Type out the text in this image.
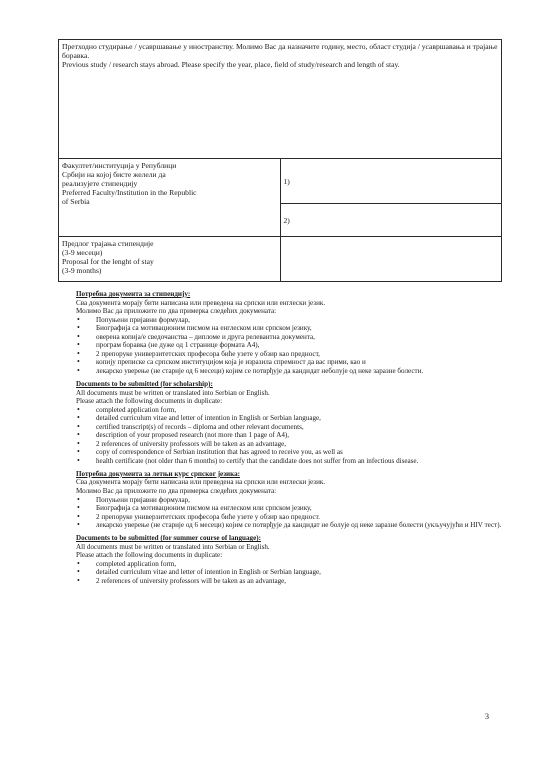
Претходно студирање / усавршавање у иностранству. Молимо Вас да назначите годину, место, област студија / усавршавања и трајање боравка.
Previous study / research stays abroad. Please specify the year, place, field of study/research and length of stay.	

Факултет/институција у Републици
Србији на којој бисте желели да
реализујете стипендију
Preferred Faculty/Institution in the Republic
of Serbia	1)
	2)

Предлог трајања стипендије
(3-9 месеци)
Proposal for the lenght of stay
(3-9 months)	

Потребна документа за стипендију:
Сва документа морају бити написана или преведена на српски или енглески језик.
Молимо Вас да приложите по два примерка следећих докумената:
• Попуњени пријавни формулар,
• Биографија са мотивационим писмом на енглеском или српском језику,
• оверена копија/е сведочанства – дипломе и друга релевантна документа,
• програм боравка (не дуже од 1 странице формата А4),
• 2 препоруке универзитетских професора биће узете у обзир као предност,
• копију преписке са српском институцијом која је изразила спремност да вас прими, као и
• лекарско уверење (не старије од 6 месеци) којим се потврђује да кандидат неболује од неке заразне болести.
Documents to be submitted (for scholarship):
All documents must be written or translated into Serbian or English.
Please attach the following documents in duplicate:
• completed application form,
• detailed curriculum vitae and letter of intention in English or Serbian language,
• certified transcript(s) of records – diploma and other relevant documents,
• description of your proposed research (not more than 1 page of A4),
• 2 references of university professors will be taken as an advantage,
• copy of correspondence of Serbian institution that has agreed to receive you, as well as
• health certificate (not older than 6 months) to certify that the candidate does not suffer from an infectious disease.
Потребна документа за летњи курс српског језика:
Сва документа морају бити написана или преведена на српски или енглески језик.
Молимо Вас да приложите по два примерка следећих докумената:
• Попуњени пријавни формулар,
• Биографија са мотивационим писмом на енглеском или српском језику,
• 2 препоруке универзитетских професора биће узете у обзир као предност.
• лекарско уверење (не старије од 6 месеци) којим се потврђује да кандидат не болује од неке заразне болести (укључујући и HIV тест).
Documents to be submitted (for summer course of language):
All documents must be written or translated into Serbian or English.
Please attach the following documents in duplicate:
• completed application form,
• detailed curriculum vitae and letter of intention in English or Serbian language,
• 2 references of university professors will be taken as an advantage,
3
